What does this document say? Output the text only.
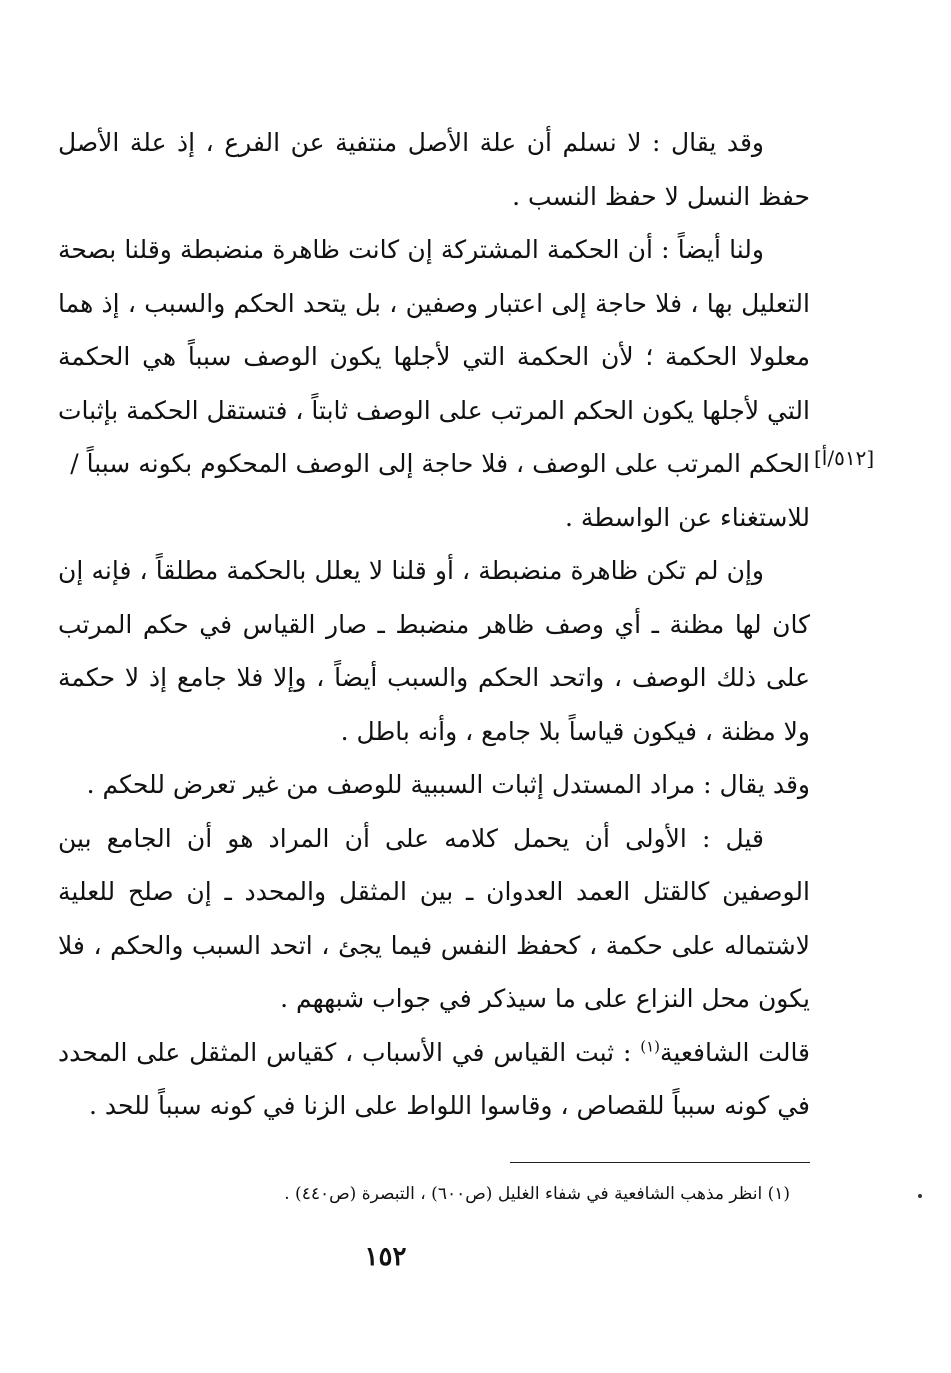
وقد يقال : لا نسلم أن علة الأصل منتفية عن الفرع ، إذ علة الأصل حفظ النسل لا حفظ النسب .

ولنا أيضاً : أن الحكمة المشتركة إن كانت ظاهرة منضبطة وقلنا بصحة التعليل بها ، فلا حاجة إلى اعتبار وصفين ، بل يتحد الحكم والسبب ، إذ هما معلولا الحكمة ؛ لأن الحكمة التي لأجلها يكون الوصف سبباً هي الحكمة التي لأجلها يكون الحكم المرتب على الوصف ثابتاً ، فتستقل الحكمة بإثبات الحكم المرتب على الوصف ، فلا حاجة إلى الوصف المحكوم بكونه سبباً /
للاستغناء عن الواسطة .

وإن لم تكن ظاهرة منضبطة ، أو قلنا لا يعلل بالحكمة مطلقاً ، فإنه إن كان لها مظنة ـ أي وصف ظاهر منضبط ـ صار القياس في حكم المرتب على ذلك الوصف ، واتحد الحكم والسبب أيضاً ، وإلا فلا جامع إذ لا حكمة ولا مظنة ، فيكون قياساً بلا جامع ، وأنه باطل .

وقد يقال : مراد المستدل إثبات السببية للوصف من غير تعرض للحكم .

قيل : الأولى أن يحمل كلامه على أن المراد هو أن الجامع بين الوصفين كالقتل العمد العدوان ـ بين المثقل والمحدد ـ إن صلح للعلية لاشتماله على حكمة ، كحفظ النفس فيما يجئ ، اتحد السبب والحكم ، فلا يكون محل النزاع على ما سيذكر في جواب شبههم .

قالت الشافعية$^{(١)}$ : ثبت القياس في الأسباب ، كقياس المثقل على المحدد في كونه سبباً للقصاص ، وقاسوا اللواط على الزنا في كونه سبباً للحد .

[٥١٢/أ]
(١) انظر مذهب الشافعية في شفاء الغليل (ص٦٠٠) ، التبصرة (ص٤٤٠) .
١٥٢
